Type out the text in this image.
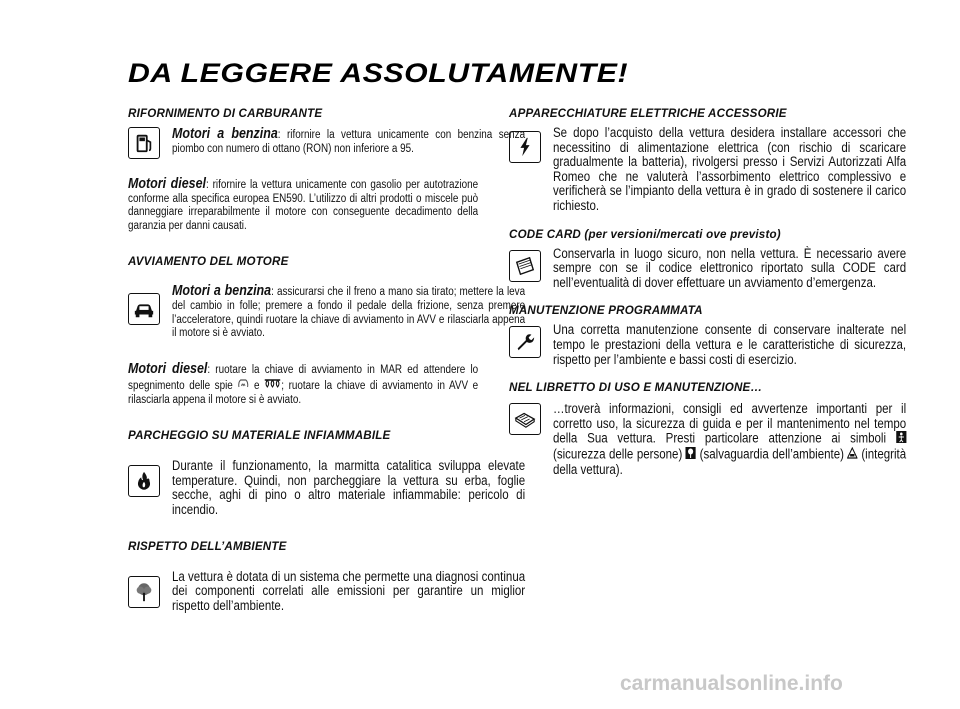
DA LEGGERE ASSOLUTAMENTE!

RIFORNIMENTO DI CARBURANTE

Motori a benzina: rifornire la vettura unicamente con benzina senza piombo con numero di ottano (RON) non inferiore a 95.
Motori diesel: rifornire la vettura unicamente con gasolio per autotrazione conforme alla specifica europea EN590. L’utilizzo di altri prodotti o miscele può danneggiare irreparabilmente il motore con conseguente decadimento della garanzia per danni causati.

AVVIAMENTO DEL MOTORE

Motori a benzina: assicurarsi che il freno a mano sia tirato; mettere la leva del cambio in folle; premere a fondo il pedale della frizione, senza premere l’acceleratore, quindi ruotare la chiave di avviamento in AVV e rilasciarla appena il motore si è avviato.
Motori diesel: ruotare la chiave di avviamento in MAR ed attendere lo spegnimento delle spie  e ; ruotare la chiave di avviamento in AVV e rilasciarla appena il motore si è avviato.

PARCHEGGIO SU MATERIALE INFIAMMABILE

Durante il funzionamento, la marmitta catalitica sviluppa elevate temperature. Quindi, non parcheggiare la vettura su erba, foglie secche, aghi di pino o altro materiale infiammabile: pericolo di incendio.

RISPETTO DELL’AMBIENTE

La vettura è dotata di un sistema che permette una diagnosi continua dei componenti correlati alle emissioni per garantire un miglior rispetto dell’ambiente.

APPARECCHIATURE ELETTRICHE ACCESSORIE

Se dopo l’acquisto della vettura desidera installare accessori che necessitino di alimentazione elettrica (con rischio di scaricare gradualmente la batteria), rivolgersi presso i Servizi Autorizzati Alfa Romeo che ne valuterà l’assorbimento elettrico complessivo e verificherà se l’impianto della vettura è in grado di sostenere il carico richiesto.

CODE CARD (per versioni/mercati ove previsto)

Conservarla in luogo sicuro, non nella vettura. È necessario avere sempre con se il codice elettronico riportato sulla CODE card nell’eventualità di dover effettuare un avviamento d’emergenza.

MANUTENZIONE PROGRAMMATA

Una corretta manutenzione consente di conservare inalterate nel tempo le prestazioni della vettura e le caratteristiche di sicurezza, rispetto per l’ambiente e bassi costi di esercizio.

NEL LIBRETTO DI USO E MANUTENZIONE…

…troverà informazioni, consigli ed avvertenze importanti per il corretto uso, la sicurezza di guida e per il mantenimento nel tempo della Sua vettura. Presti particolare attenzione ai simboli  (sicurezza delle persone)  (salvaguardia dell’ambiente)  (integrità della vettura).
carmanualsonline.info
